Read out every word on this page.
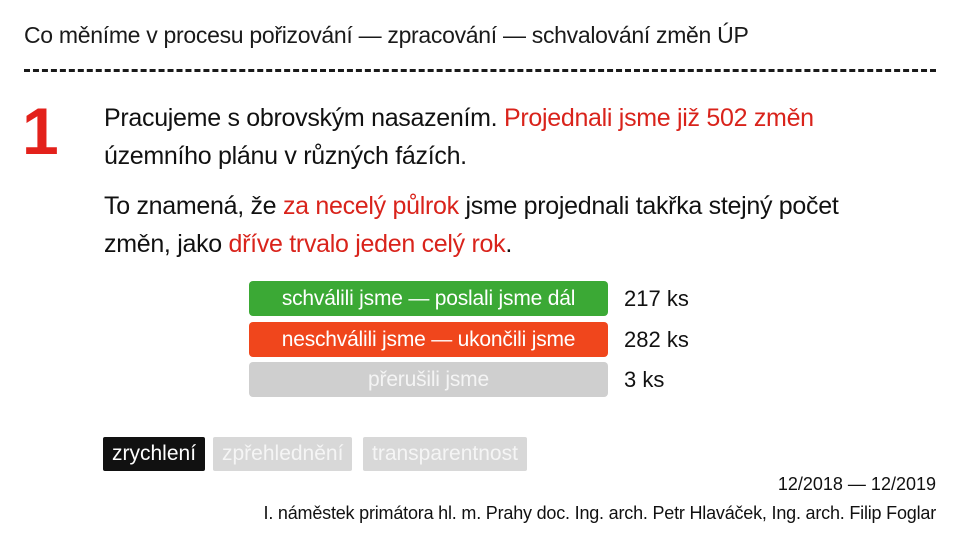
Co měníme v procesu pořizování — zpracování — schvalování změn ÚP
1 Pracujeme s obrovským nasazením. Projednali jsme již 502 změn
územního plánu v různých fázích.
To znamená, že za necelý půlrok jsme projednali takřka stejný počet změn, jako dříve trvalo jeden celý rok.
schválili jsme — poslali jsme dál	217 ks
neschválili jsme — ukončili jsme	282 ks
přerušili jsme	3 ks
zrychlení	zpřehlednění	transparentnost
12/2018 — 12/2019
I. náměstek primátora hl. m. Prahy doc. Ing. arch. Petr Hlaváček, Ing. arch. Filip Foglar
